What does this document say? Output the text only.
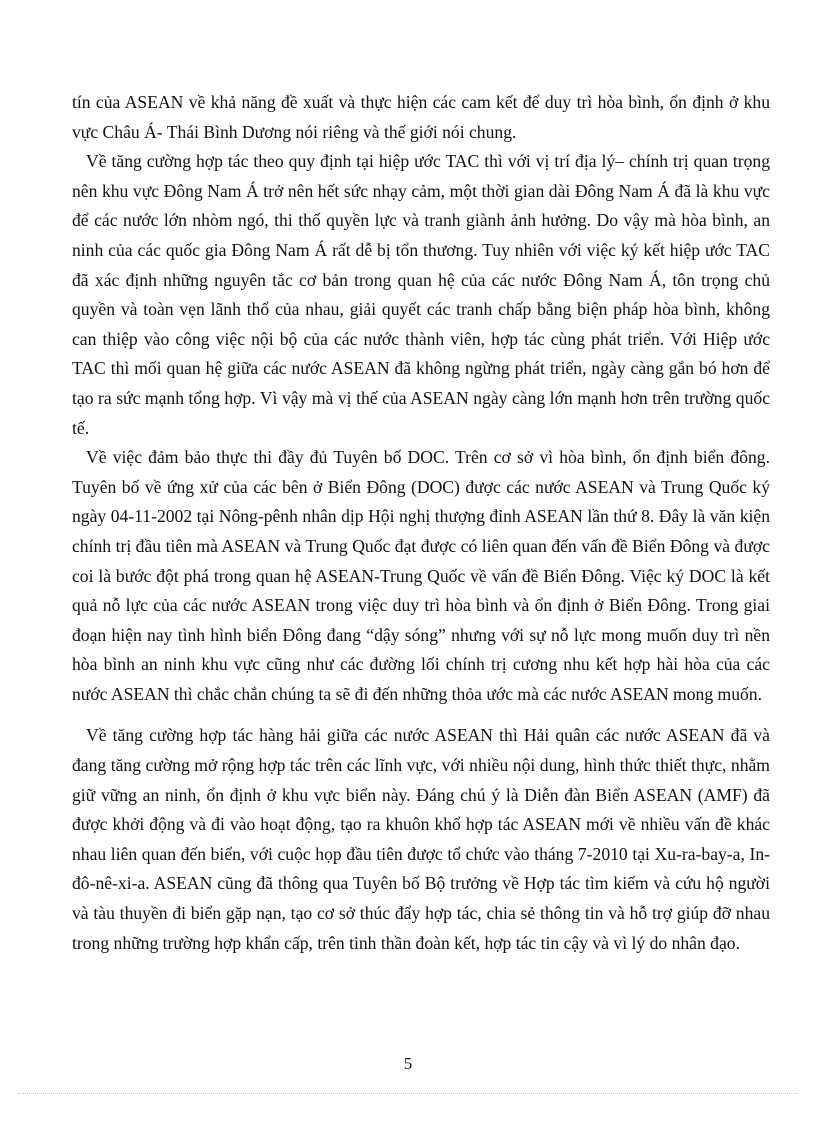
tín của ASEAN về khả năng đề xuất và thực hiện các cam kết để duy trì hòa bình, ổn định ở khu vực Châu Á- Thái Bình Dương nói riêng và thế giới nói chung.

Về tăng cường hợp tác theo quy định tại hiệp ước TAC thì với vị trí địa lý– chính trị quan trọng nên khu vực Đông Nam Á trở nên hết sức nhạy cảm, một thời gian dài Đông Nam Á đã là khu vực để các nước lớn nhòm ngó, thi thố quyền lực và tranh giành ảnh hưởng. Do vậy mà hòa bình, an ninh của các quốc gia Đông Nam Á rất dễ bị tổn thương. Tuy nhiên với việc ký kết hiệp ước TAC đã xác định những nguyên tắc cơ bản trong quan hệ của các nước Đông Nam Á, tôn trọng chủ quyền và toàn vẹn lãnh thổ của nhau, giải quyết các tranh chấp bằng biện pháp hòa bình, không can thiệp vào công việc nội bộ của các nước thành viên, hợp tác cùng phát triển. Với Hiệp ước TAC thì mối quan hệ giữa các nước ASEAN đã không ngừng phát triển, ngày càng gắn bó hơn để tạo ra sức mạnh tổng hợp. Vì vậy mà vị thế của ASEAN ngày càng lớn mạnh hơn trên trường quốc tế.

Về việc đảm bảo thực thi đầy đủ Tuyên bố DOC. Trên cơ sở vì hòa bình, ổn định biển đông. Tuyên bố về ứng xử của các bên ở Biển Đông (DOC) được các nước ASEAN và Trung Quốc ký ngày 04-11-2002 tại Nông-pênh nhân dịp Hội nghị thượng đỉnh ASEAN lần thứ 8. Đây là văn kiện chính trị đầu tiên mà ASEAN và Trung Quốc đạt được có liên quan đến vấn đề Biển Đông và được coi là bước đột phá trong quan hệ ASEAN-Trung Quốc về vấn đề Biển Đông. Việc ký DOC là kết quả nỗ lực của các nước ASEAN trong việc duy trì hòa bình và ổn định ở Biển Đông. Trong giai đoạn hiện nay tình hình biển Đông đang “dậy sóng” nhưng với sự nỗ lực mong muốn duy trì nền hòa bình an ninh khu vực cũng như các đường lối chính trị cương nhu kết hợp hài hòa của các nước ASEAN thì chắc chắn chúng ta sẽ đi đến những thỏa ước mà các nước ASEAN mong muốn.

Về tăng cường hợp tác hàng hải giữa các nước ASEAN thì Hải quân các nước ASEAN đã và đang tăng cường mở rộng hợp tác trên các lĩnh vực, với nhiều nội dung, hình thức thiết thực, nhằm giữ vững an ninh, ổn định ở khu vực biển này. Đáng chú ý là Diễn đàn Biển ASEAN (AMF) đã được khởi động và đi vào hoạt động, tạo ra khuôn khổ hợp tác ASEAN mới về nhiều vấn đề khác nhau liên quan đến biển, với cuộc họp đầu tiên được tổ chức vào tháng 7-2010 tại Xu-ra-bay-a, In-đô-nê-xi-a. ASEAN cũng đã thông qua Tuyên bố Bộ trưởng về Hợp tác tìm kiếm và cứu hộ người và tàu thuyền đi biển gặp nạn, tạo cơ sở thúc đẩy hợp tác, chia sẻ thông tin và hỗ trợ giúp đỡ nhau trong những trường hợp khẩn cấp, trên tinh thần đoàn kết, hợp tác tin cậy và vì lý do nhân đạo.

5
